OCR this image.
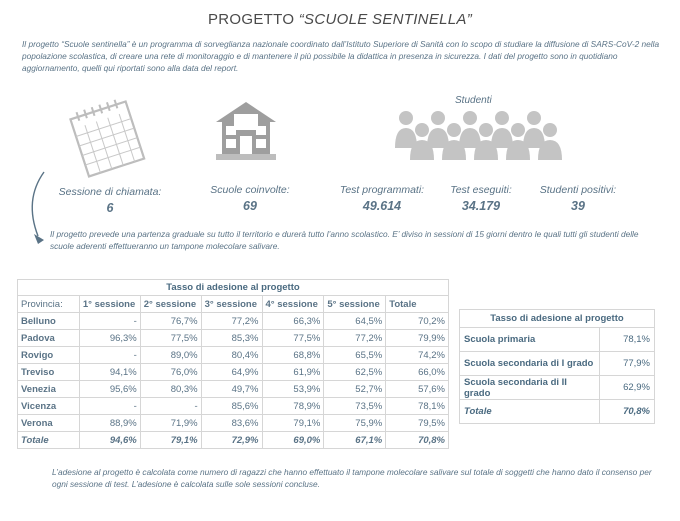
PROGETTO “SCUOLE SENTINELLA”
Il progetto “Scuole sentinella” è un programma di sorveglianza nazionale coordinato dall’Istituto Superiore di Sanità con lo scopo di studiare la diffusione di SARS-CoV-2 nella popolazione scolastica, di creare una rete di monitoraggio e di mantenere il più possibile la didattica in presenza in sicurezza. I dati del progetto sono in quotidiano aggiornamento, quelli qui riportati sono alla data del report.
Studenti
Sessione di chiamata:
6
Scuole coinvolte:
69
Test programmati:
49.614
Test eseguiti:
34.179
Studenti positivi:
39
Il progetto prevede una partenza graduale su tutto il territorio e durerà tutto l’anno scolastico. E’ diviso in sessioni di 15 giorni dentro le quali tutti gli studenti delle scuole aderenti effettueranno un tampone molecolare salivare.
Tasso di adesione al progetto						
Provincia:	1° sessione	2° sessione	3° sessione	4° sessione	5° sessione	Totale
Belluno	-	76,7%	77,2%	66,3%	64,5%	70,2%
Padova	96,3%	77,5%	85,3%	77,5%	77,2%	79,9%
Rovigo	-	89,0%	80,4%	68,8%	65,5%	74,2%
Treviso	94,1%	76,0%	64,9%	61,9%	62,5%	66,0%
Venezia	95,6%	80,3%	49,7%	53,9%	52,7%	57,6%
Vicenza	-	-	85,6%	78,9%	73,5%	78,1%
Verona	88,9%	71,9%	83,6%	79,1%	75,9%	79,5%
Totale	94,6%	79,1%	72,9%	69,0%	67,1%	70,8%
Tasso di adesione al progetto	
Scuola primaria	78,1%
Scuola secondaria di I grado	77,9%
Scuola secondaria di II grado	62,9%
Totale	70,8%
L’adesione al progetto è calcolata come numero di ragazzi che hanno effettuato il tampone molecolare salivare sul totale di soggetti che hanno dato il consenso per ogni sessione di test. L’adesione è calcolata sulle sole sessioni concluse.
